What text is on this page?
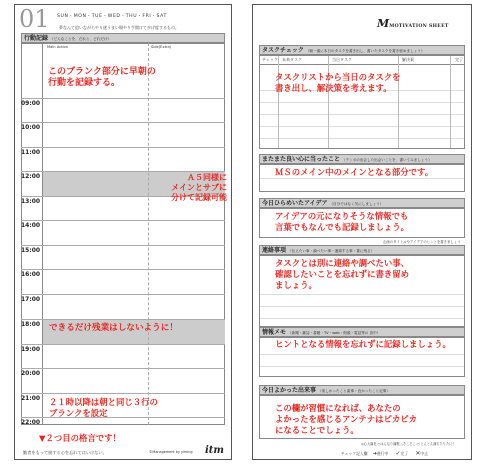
01 SUN・MON・TUE・WED・THU・FRI・SAT
夢なんて追いながらやり遂うまい場やり手開けて歩げ度するもの。
行動記録 （どんなことを、だれと、どれだけ）
Main Action	Side(Extra)
09:00
10:00
11:00
12:00
13:00
14:00
15:00
16:00
17:00
18:00
19:00
20:00
21:00
22:00
このブランク部分に早朝の
行動を記録する。
Ａ５同様に
メインとサブに
分けて記録可能
できるだけ残業はしないように！
２１時以降は朝と同じ３行の
ブランクを設定
▼２つ目の格言です！
勤者をもって接する心を忘れてはいけない。	©Management by yiming itm
MMOTIVATION SHEET
タスクチェック （朝一番に本日のタスクを書き出し、書いたタスクを書き留めましょう）
チェック 未来タスク	当日タスク	解決案	完了
タスクリストから当日のタスクを
書き出し、解決策を考えます。
またまた良い心に当ったこと （テンポの出会した出会いことを、書いてみましょう）
ＭＳのメイン中のメインとなる部分です。
今日ひらめいたアイデア （自分ではなく気にしましょう）
アイデアの元になりそうな情報でも
言葉でもなんでも記録しましょう。
企画のタイトルやアイデアのヒントを書きましょう
連絡事項 （伝えたい事・調べたい事・連絡する事・書に残る）
タスクとは別に連絡や調べたい事、
確認したいことを忘れずに書き留め
ましょう。
情報メモ （新聞・雑誌・書籍・TV・web・街頭・電話等の 食中）
ヒントとなる情報を忘れずに記録しましょう。
今日よかった出来事 （楽しかったこと素事・良かったこと記事）
この欄が習慣になれば、あなたの
よかったを感じるアンテナはピカピカ
になることでしょう。
◎心大満足 ○はんなり満喫 △そこそこ ○ とんとん満ちたりたに！
チェック記入欄 ➜進行中 ✓完了 ✕中止
